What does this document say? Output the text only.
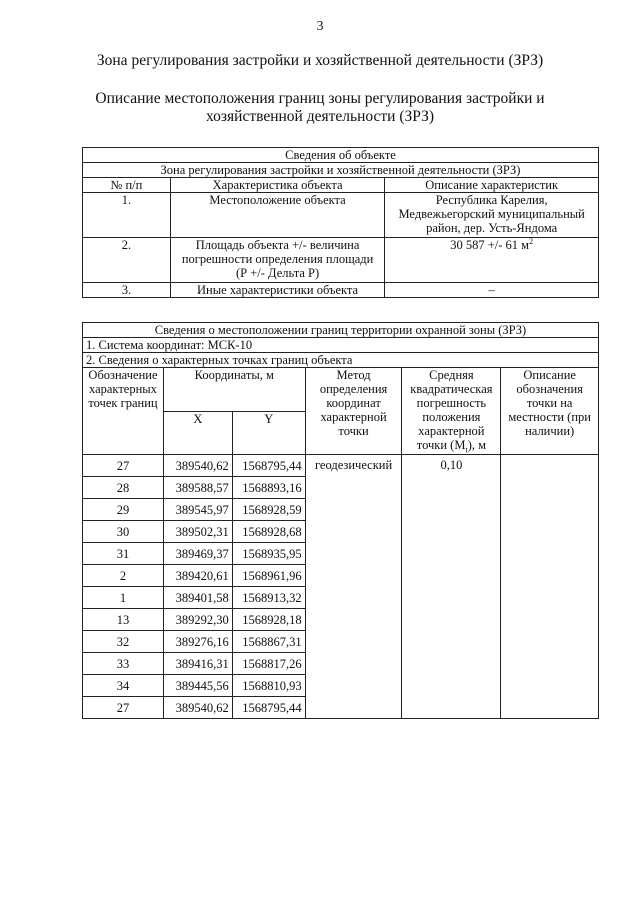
3
Зона регулирования застройки и хозяйственной деятельности (ЗРЗ)
Описание местоположения границ зоны регулирования застройки и хозяйственной деятельности (ЗРЗ)
Сведения об объекте		
Зона регулирования застройки и хозяйственной деятельности (ЗРЗ)		
№ п/п	Характеристика объекта	Описание характеристик
1.	Местоположение объекта	Республика Карелия, Медвежьегорский муниципальный район, дер. Усть-Яндома
2.	Площадь объекта +/- величина погрешности определения площади (Р +/- Дельта Р)	30 587 +/- 61 $м^2$
3.	Иные характеристики объекта	–
Сведения о местоположении границ территории охранной зоны (ЗРЗ)					
1. Система координат: МСК-10					
2. Сведения о характерных точках границ объекта					
Обозначение характерных точек границ	Координаты, м		Метод определения координат характерной точки	Средняя квадратическая погрешность положения характерной точки $(М_t)$, м	Описание обозначения точки на местности (при наличии)
	X	Y			
27	389540,62	1568795,44	геодезический	0,10	
28	389588,57	1568893,16			
29	389545,97	1568928,59			
30	389502,31	1568928,68			
31	389469,37	1568935,95			
2	389420,61	1568961,96			
1	389401,58	1568913,32			
13	389292,30	1568928,18			
32	389276,16	1568867,31			
33	389416,31	1568817,26			
34	389445,56	1568810,93			
27	389540,62	1568795,44			
